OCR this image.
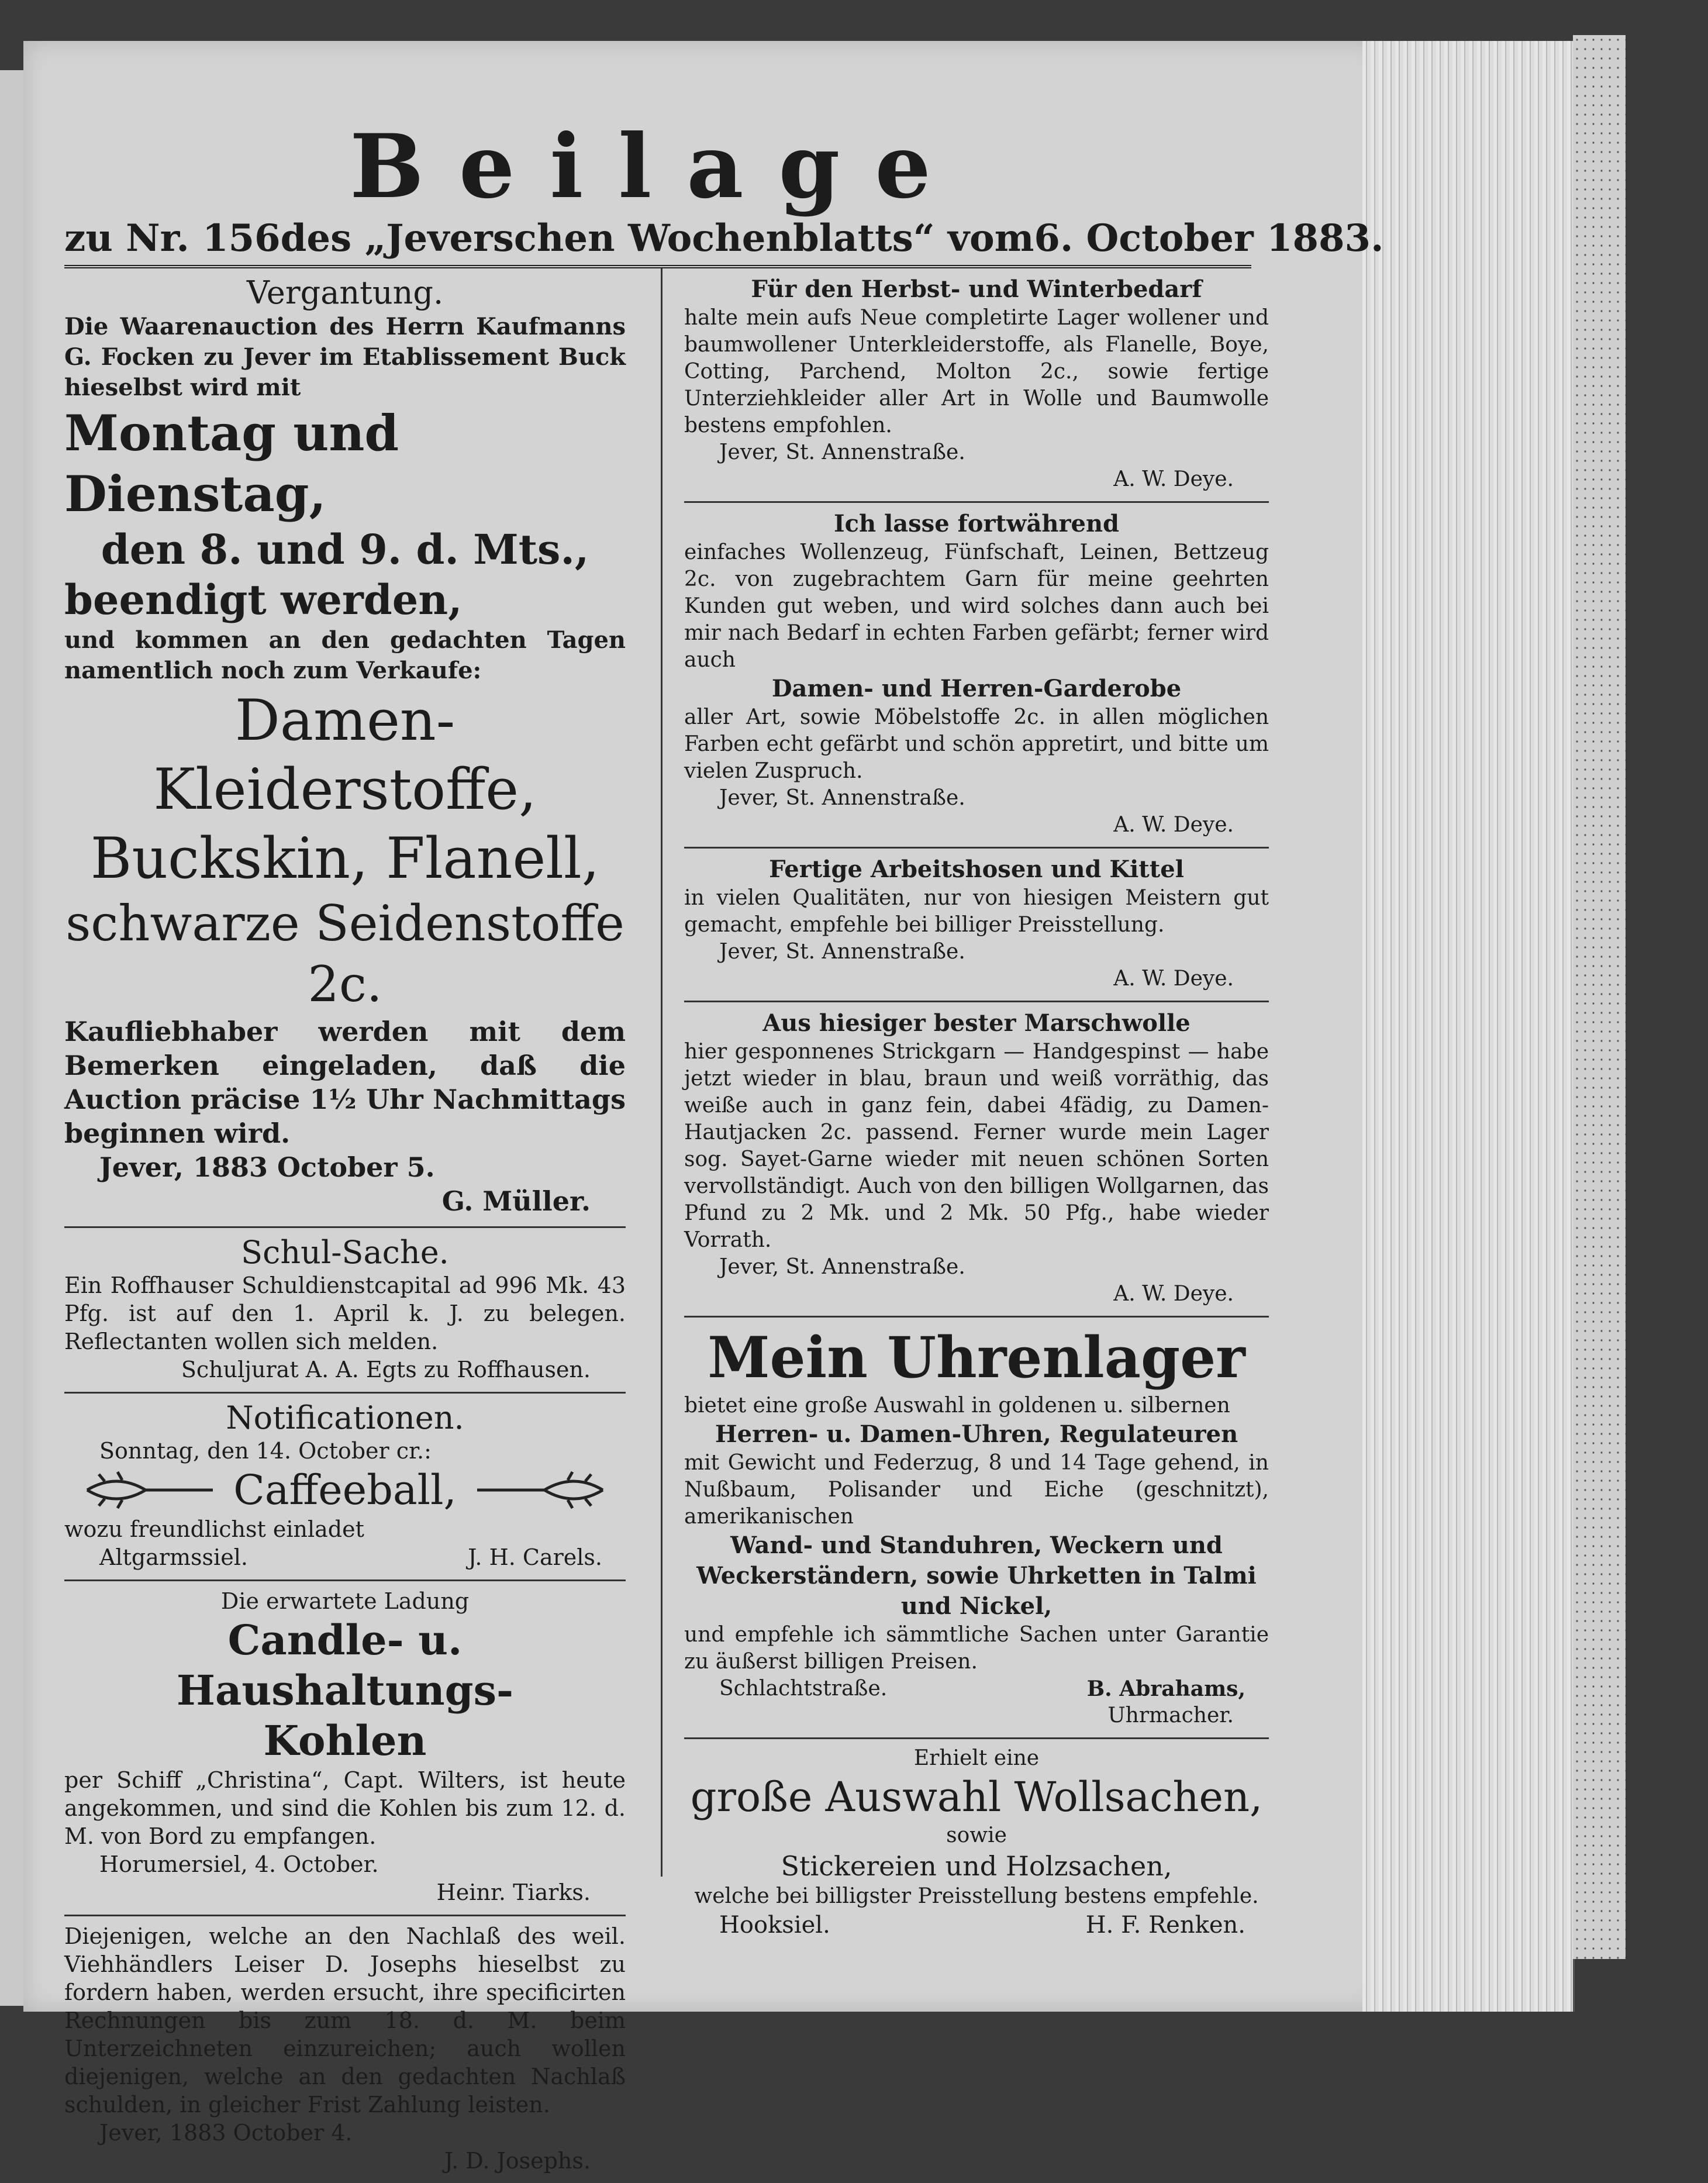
Beilage
zu Nr. 156 des „Jeverschen Wochenblatts“ vom 6. October 1883.
Vergantung.
Die Waarenauction des Herrn Kaufmanns G. Focken zu Jever im Etablissement Buck hieselbst wird mit
Montag und Dienstag,
den 8. und 9. d. Mts.,
beendigt werden,
und kommen an den gedachten Tagen namentlich noch zum Verkaufe:
Damen-Kleiderstoffe,
Buckskin, Flanell,
schwarze Seidenstoffe 2c.
Kaufliebhaber werden mit dem Bemerken eingeladen, daß die Auction präcise 1½ Uhr Nachmittags beginnen wird.
Jever, 1883 October 5.
G. Müller.
Schul-Sache.
Ein Roffhauser Schuldienstcapital ad 996 Mk. 43 Pfg. ist auf den 1. April k. J. zu belegen. Reflectanten wollen sich melden.
Schuljurat A. A. Egts zu Roffhausen.
Notificationen.
Sonntag, den 14. October cr.:
Caffeeball,
wozu freundlichst einladet
Altgarmssiel.	J. H. Carels.
Die erwartete Ladung
Candle- u. Haushaltungs-
Kohlen
per Schiff „Christina“, Capt. Wilters, ist heute angekommen, und sind die Kohlen bis zum 12. d. M. von Bord zu empfangen.
Horumersiel, 4. October.
Heinr. Tiarks.
Diejenigen, welche an den Nachlaß des weil. Viehhändlers Leiser D. Josephs hieselbst zu fordern haben, werden ersucht, ihre specificirten Rechnungen bis zum 18. d. M. beim Unterzeichneten einzureichen; auch wollen diejenigen, welche an den gedachten Nachlaß schulden, in gleicher Frist Zahlung leisten.
Jever, 1883 October 4.
J. D. Josephs.
Für den Herbst- und Winterbedarf
halte mein aufs Neue completirte Lager wollener und baumwollener Unterkleiderstoffe, als Flanelle, Boye, Cotting, Parchend, Molton 2c., sowie fertige Unterziehkleider aller Art in Wolle und Baumwolle bestens empfohlen.
Jever, St. Annenstraße.
A. W. Deye.
Ich lasse fortwährend
einfaches Wollenzeug, Fünfschaft, Leinen, Bettzeug 2c. von zugebrachtem Garn für meine geehrten Kunden gut weben, und wird solches dann auch bei mir nach Bedarf in echten Farben gefärbt; ferner wird auch
Damen- und Herren-Garderobe
aller Art, sowie Möbelstoffe 2c. in allen möglichen Farben echt gefärbt und schön appretirt, und bitte um vielen Zuspruch.
Jever, St. Annenstraße.
A. W. Deye.
Fertige Arbeitshosen und Kittel
in vielen Qualitäten, nur von hiesigen Meistern gut gemacht, empfehle bei billiger Preisstellung.
Jever, St. Annenstraße.
A. W. Deye.
Aus hiesiger bester Marschwolle
hier gesponnenes Strickgarn — Handgespinst — habe jetzt wieder in blau, braun und weiß vorräthig, das weiße auch in ganz fein, dabei 4fädig, zu Damen-Hautjacken 2c. passend. Ferner wurde mein Lager sog. Sayet-Garne wieder mit neuen schönen Sorten vervollständigt. Auch von den billigen Wollgarnen, das Pfund zu 2 Mk. und 2 Mk. 50 Pfg., habe wieder Vorrath.
Jever, St. Annenstraße.
A. W. Deye.
Mein Uhrenlager
bietet eine große Auswahl in goldenen u. silbernen
Herren- u. Damen-Uhren, Regulateuren
mit Gewicht und Federzug, 8 und 14 Tage gehend, in Nußbaum, Polisander und Eiche (geschnitzt), amerikanischen
Wand- und Standuhren, Weckern und Weckerständern, sowie Uhrketten in Talmi und Nickel,
und empfehle ich sämmtliche Sachen unter Garantie zu äußerst billigen Preisen.
Schlachtstraße.	B. Abrahams,
Uhrmacher.
Erhielt eine
große Auswahl Wollsachen,
sowie
Stickereien und Holzsachen,
welche bei billigster Preisstellung bestens empfehle.
Hooksiel.	H. F. Renken.
